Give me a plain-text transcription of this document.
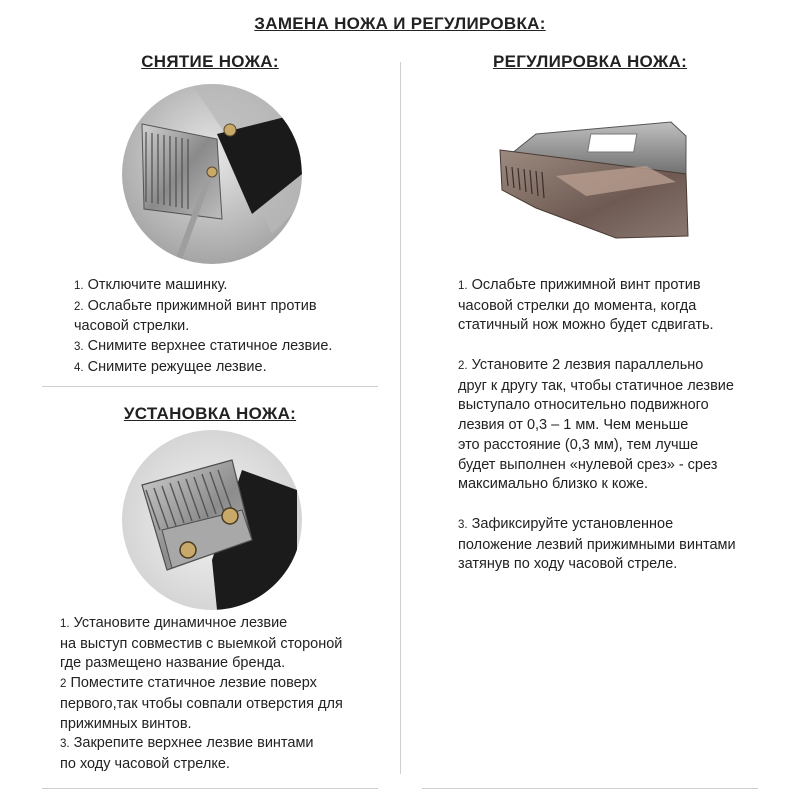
ЗАМЕНА НОЖА И РЕГУЛИРОВКА:
СНЯТИЕ НОЖА:
1. Отключите машинку.
2. Ослабьте прижимной винт против
часовой стрелки.
3. Снимите верхнее статичное лезвие.
4. Снимите режущее лезвие.
УСТАНОВКА НОЖА:
1. Установите динамичное лезвие
на выступ совместив с выемкой стороной
где размещено название бренда.
2 Поместите статичное лезвие поверх
первого,так чтобы совпали отверстия для
прижимных винтов.
3. Закрепите верхнее лезвие винтами
по ходу часовой стрелке.
РЕГУЛИРОВКА НОЖА:
1. Ослабьте прижимной винт против
часовой стрелки до момента, когда
статичный нож можно будет сдвигать.
2. Установите 2 лезвия параллельно
друг к другу так, чтобы статичное лезвие
выступало относительно подвижного
лезвия от 0,3 – 1 мм. Чем меньше
это расстояние (0,3 мм), тем лучше
будет выполнен «нулевой срез» - срез
максимально близко к коже.
3. Зафиксируйте установленное
положение лезвий прижимными винтами
затянув по ходу часовой стреле.
